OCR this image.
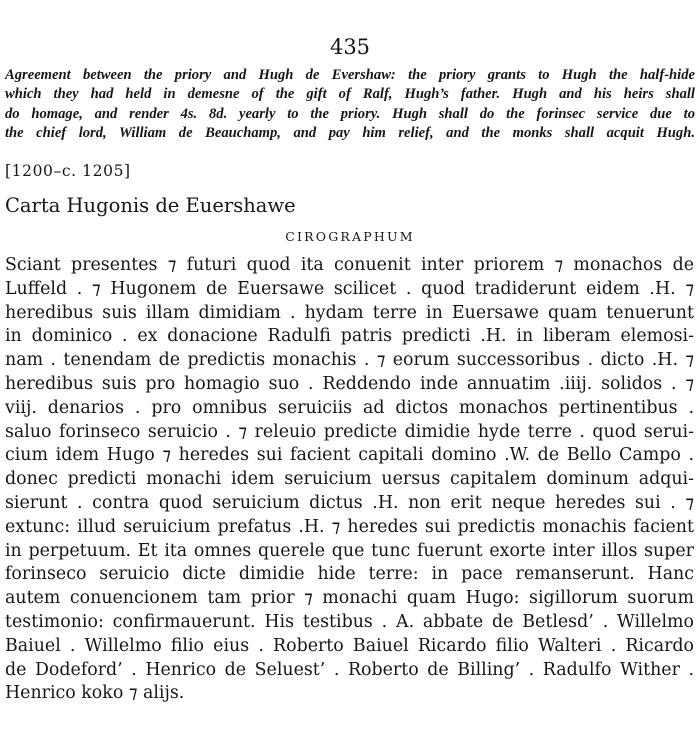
435

Agreement between the priory and Hugh de Evershaw: the priory grants to Hugh the half-hide
which they had held in demesne of the gift of Ralf, Hugh’s father. Hugh and his heirs shall
do homage, and render 4s. 8d. yearly to the priory. Hugh shall do the forinsec service due to
the chief lord, William de Beauchamp, and pay him relief, and the monks shall acquit Hugh.

[1200–c. 1205]
Carta Hugonis de Euershawe
CIROGRAPHUM
Sciant presentes ⁊ futuri quod ita conuenit inter priorem ⁊ monachos de
Luffeld . ⁊ Hugonem de Euersawe scilicet . quod tradiderunt eidem .H. ⁊
heredibus suis illam dimidiam . hydam terre in Euersawe quam tenuerunt
in dominico . ex donacione Radulfi patris predicti .H. in liberam elemosi-
nam . tenendam de predictis monachis . ⁊ eorum successoribus . dicto .H. ⁊
heredibus suis pro homagio suo . Reddendo inde annuatim .iiij. solidos . ⁊
viij. denarios . pro omnibus seruiciis ad dictos monachos pertinentibus .
saluo forinseco seruicio . ⁊ releuio predicte dimidie hyde terre . quod serui-
cium idem Hugo ⁊ heredes sui facient capitali domino .W. de Bello Campo .
donec predicti monachi idem seruicium uersus capitalem dominum adqui-
sierunt . contra quod seruicium dictus .H. non erit neque heredes sui . ⁊
extunc: illud seruicium prefatus .H. ⁊ heredes sui predictis monachis facient
in perpetuum. Et ita omnes querele que tunc fuerunt exorte inter illos super
forinseco seruicio dicte dimidie hide terre: in pace remanserunt. Hanc
autem conuencionem tam prior ⁊ monachi quam Hugo: sigillorum suorum
testimonio: confirmauerunt. His testibus . A. abbate de Betlesd’ . Willelmo
Baiuel . Willelmo filio eius . Roberto Baiuel Ricardo filio Walteri . Ricardo
de Dodeford’ . Henrico de Seluest’ . Roberto de Billing’ . Radulfo Wither .
Henrico koko ⁊ alijs.
